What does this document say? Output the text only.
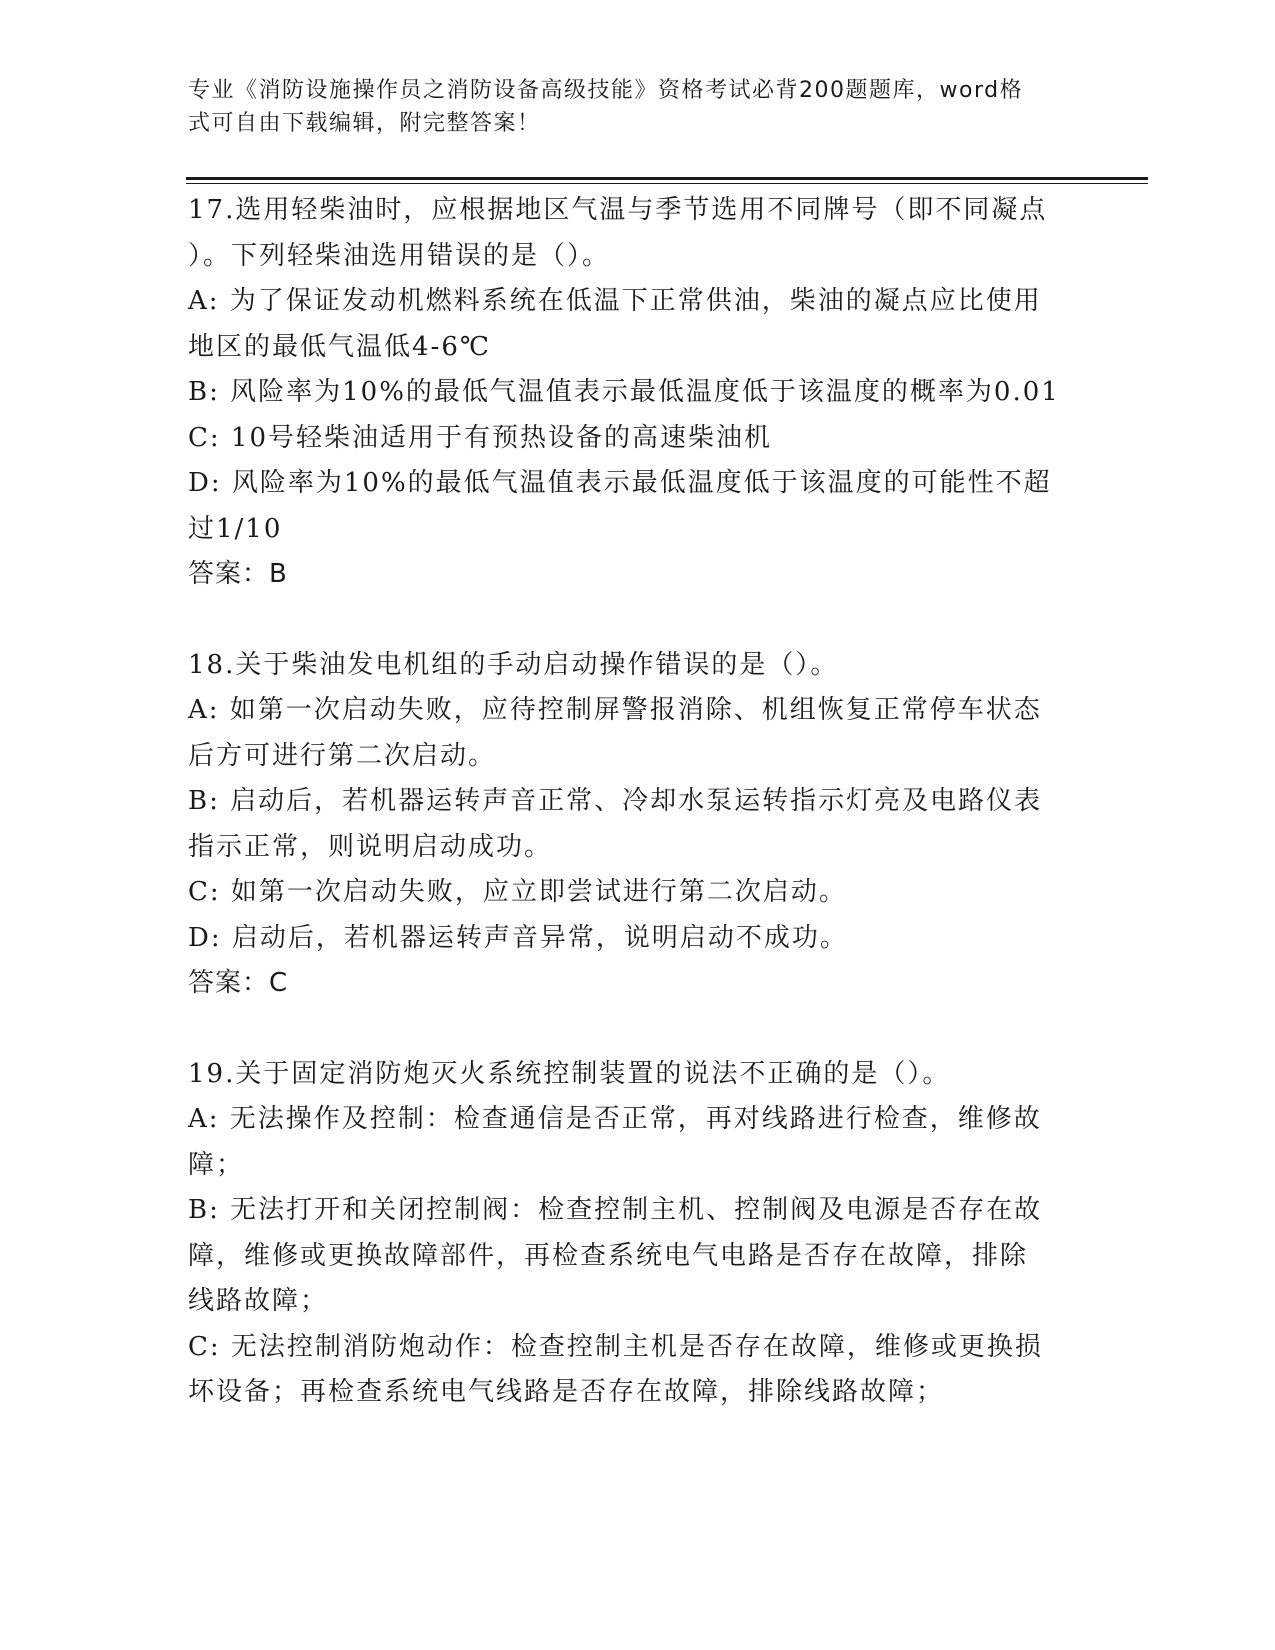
专业《消防设施操作员之消防设备高级技能》资格考试必背200题题库，word格
式可自由下载编辑，附完整答案！
17.选用轻柴油时，应根据地区气温与季节选用不同牌号（即不同凝点
）。下列轻柴油选用错误的是（）。
A: 为了保证发动机燃料系统在低温下正常供油，柴油的凝点应比使用
地区的最低气温低4-6℃
B: 风险率为10%的最低气温值表示最低温度低于该温度的概率为0.01
C: 10号轻柴油适用于有预热设备的高速柴油机
D: 风险率为10%的最低气温值表示最低温度低于该温度的可能性不超
过1/10
答案：B
18.关于柴油发电机组的手动启动操作错误的是（）。
A: 如第一次启动失败，应待控制屏警报消除、机组恢复正常停车状态
后方可进行第二次启动。
B: 启动后，若机器运转声音正常、冷却水泵运转指示灯亮及电路仪表
指示正常，则说明启动成功。
C: 如第一次启动失败，应立即尝试进行第二次启动。
D: 启动后，若机器运转声音异常，说明启动不成功。
答案：C
19.关于固定消防炮灭火系统控制装置的说法不正确的是（）。
A: 无法操作及控制：检查通信是否正常，再对线路进行检查，维修故
障；
B: 无法打开和关闭控制阀：检查控制主机、控制阀及电源是否存在故
障，维修或更换故障部件，再检查系统电气电路是否存在故障，排除
线路故障；
C: 无法控制消防炮动作：检查控制主机是否存在故障，维修或更换损
坏设备；再检查系统电气线路是否存在故障，排除线路故障；
